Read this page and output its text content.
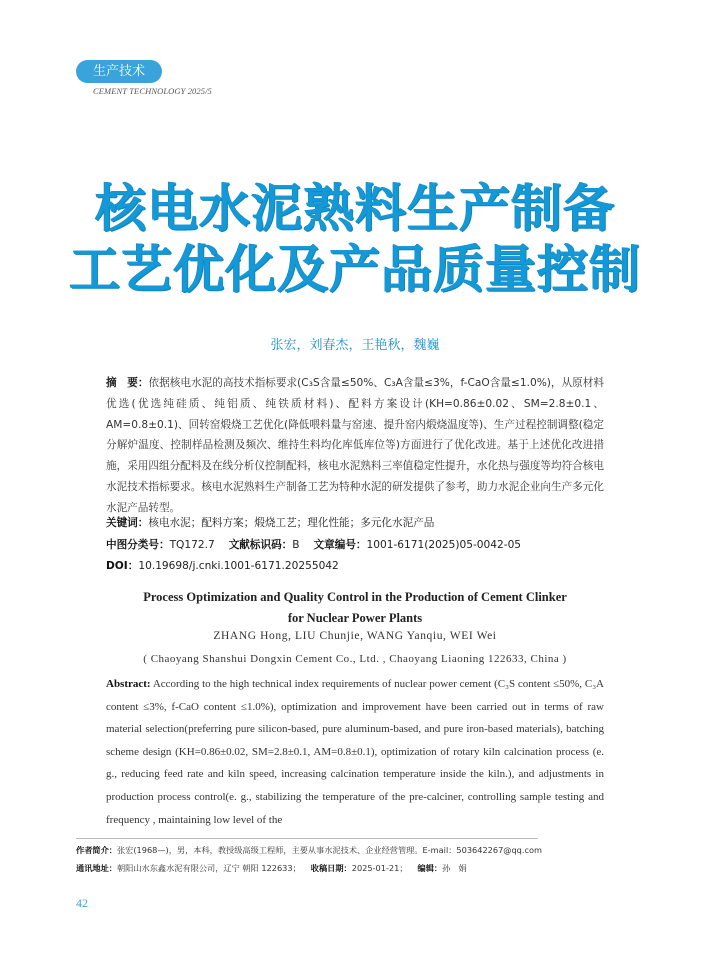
生产技术
CEMENT TECHNOLOGY 2025/5
核电水泥熟料生产制备
工艺优化及产品质量控制
张宏，刘春杰，王艳秋，魏巍

摘　要：依据核电水泥的高技术指标要求(C₃S含量≤50%、C₃A含量≤3%，f-CaO含量≤1.0%)，从原材料优选(优选纯硅质、纯铝质、纯铁质材料)、配料方案设计(KH=0.86±0.02、SM=2.8±0.1、AM=0.8±0.1)、回转窑煅烧工艺优化(降低喂料量与窑速、提升窑内煅烧温度等)、生产过程控制调整(稳定分解炉温度、控制样品检测及频次、维持生料均化库低库位等)方面进行了优化改进。基于上述优化改进措施，采用四组分配料及在线分析仪控制配料，核电水泥熟料三率值稳定性提升，水化热与强度等均符合核电水泥技术指标要求。核电水泥熟料生产制备工艺为特种水泥的研发提供了参考，助力水泥企业向生产多元化水泥产品转型。

关键词：核电水泥；配料方案；煅烧工艺；理化性能；多元化水泥产品

中图分类号：TQ172.7 文献标识码：B 文章编号：1001-6171(2025)05-0042-05

DOI：10.19698/j.cnki.1001-6171.20255042

Process Optimization and Quality Control in the Production of Cement Clinker
for Nuclear Power Plants
ZHANG Hong, LIU Chunjie, WANG Yanqiu, WEI Wei
( Chaoyang Shanshui Dongxin Cement Co., Ltd. , Chaoyang Liaoning 122633, China )

Abstract: According to the high technical index requirements of nuclear power cement (C₃S content ≤50%, C₃A content ≤3%, f-CaO content ≤1.0%), optimization and improvement have been carried out in terms of raw material selection(preferring pure silicon-based, pure aluminum-based, and pure iron-based materials), batching scheme design (KH=0.86±0.02, SM=2.8±0.1, AM=0.8±0.1), optimization of rotary kiln calcination process (e. g., reducing feed rate and kiln speed, increasing calcination temperature inside the kiln.), and adjustments in production process control(e. g., stabilizing the temperature of the pre-calciner, controlling sample testing and frequency , maintaining low level of the

作者简介：张宏(1968—)，男，本科，教授级高级工程师，主要从事水泥技术、企业经营管理。E-mail：503642267@qq.com

通讯地址：朝阳山水东鑫水泥有限公司，辽宁 朝阳 122633； 收稿日期：2025-01-21； 编辑：孙　娟

42
